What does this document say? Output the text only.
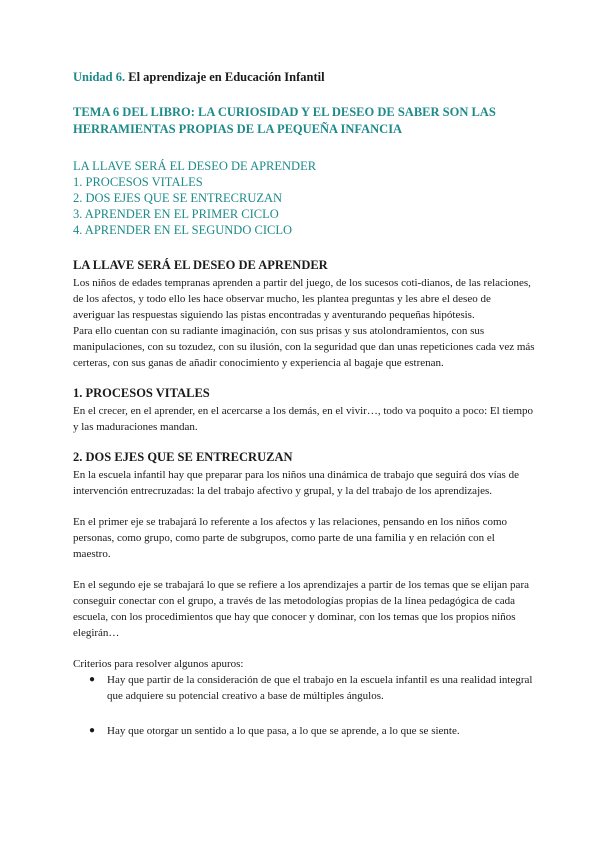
Unidad 6. El aprendizaje en Educación Infantil
TEMA 6 DEL LIBRO: LA CURIOSIDAD Y EL DESEO DE SABER SON LAS HERRAMIENTAS PROPIAS DE LA PEQUEÑA INFANCIA
LA LLAVE SERÁ EL DESEO DE APRENDER
1. PROCESOS VITALES
2. DOS EJES QUE SE ENTRECRUZAN
3. APRENDER EN EL PRIMER CICLO
4. APRENDER EN EL SEGUNDO CICLO
LA LLAVE SERÁ EL DESEO DE APRENDER

Los niños de edades tempranas aprenden a partir del juego, de los sucesos coti-dianos, de las relaciones, de los afectos, y todo ello les hace observar mucho, les plantea preguntas y les abre el deseo de averiguar las respuestas siguiendo las pistas encontradas y aventurando pequeñas hipótesis.

Para ello cuentan con su radiante imaginación, con sus prisas y sus atolondramientos, con sus manipulaciones, con su tozudez, con su ilusión, con la seguridad que dan unas repeticiones cada vez más certeras, con sus ganas de añadir conocimiento y experiencia al bagaje que estrenan.

1. PROCESOS VITALES

En el crecer, en el aprender, en el acercarse a los demás, en el vivir…, todo va poquito a poco: El tiempo y las maduraciones mandan.

2. DOS EJES QUE SE ENTRECRUZAN

En la escuela infantil hay que preparar para los niños una dinámica de trabajo que seguirá dos vías de intervención entrecruzadas: la del trabajo afectivo y grupal, y la del trabajo de los aprendizajes.

En el primer eje se trabajará lo referente a los afectos y las relaciones, pensando en los niños como personas, como grupo, como parte de subgrupos, como parte de una familia y en relación con el maestro.

En el segundo eje se trabajará lo que se refiere a los aprendizajes a partir de los temas que se elijan para conseguir conectar con el grupo, a través de las metodologías propias de la línea pedagógica de cada escuela, con los procedimientos que hay que conocer y dominar, con los temas que los propios niños elegirán…

Criterios para resolver algunos apuros:

● Hay que partir de la consideración de que el trabajo en la escuela infantil es una realidad integral que adquiere su potencial creativo a base de múltiples ángulos.
● Hay que otorgar un sentido a lo que pasa, a lo que se aprende, a lo que se siente.
